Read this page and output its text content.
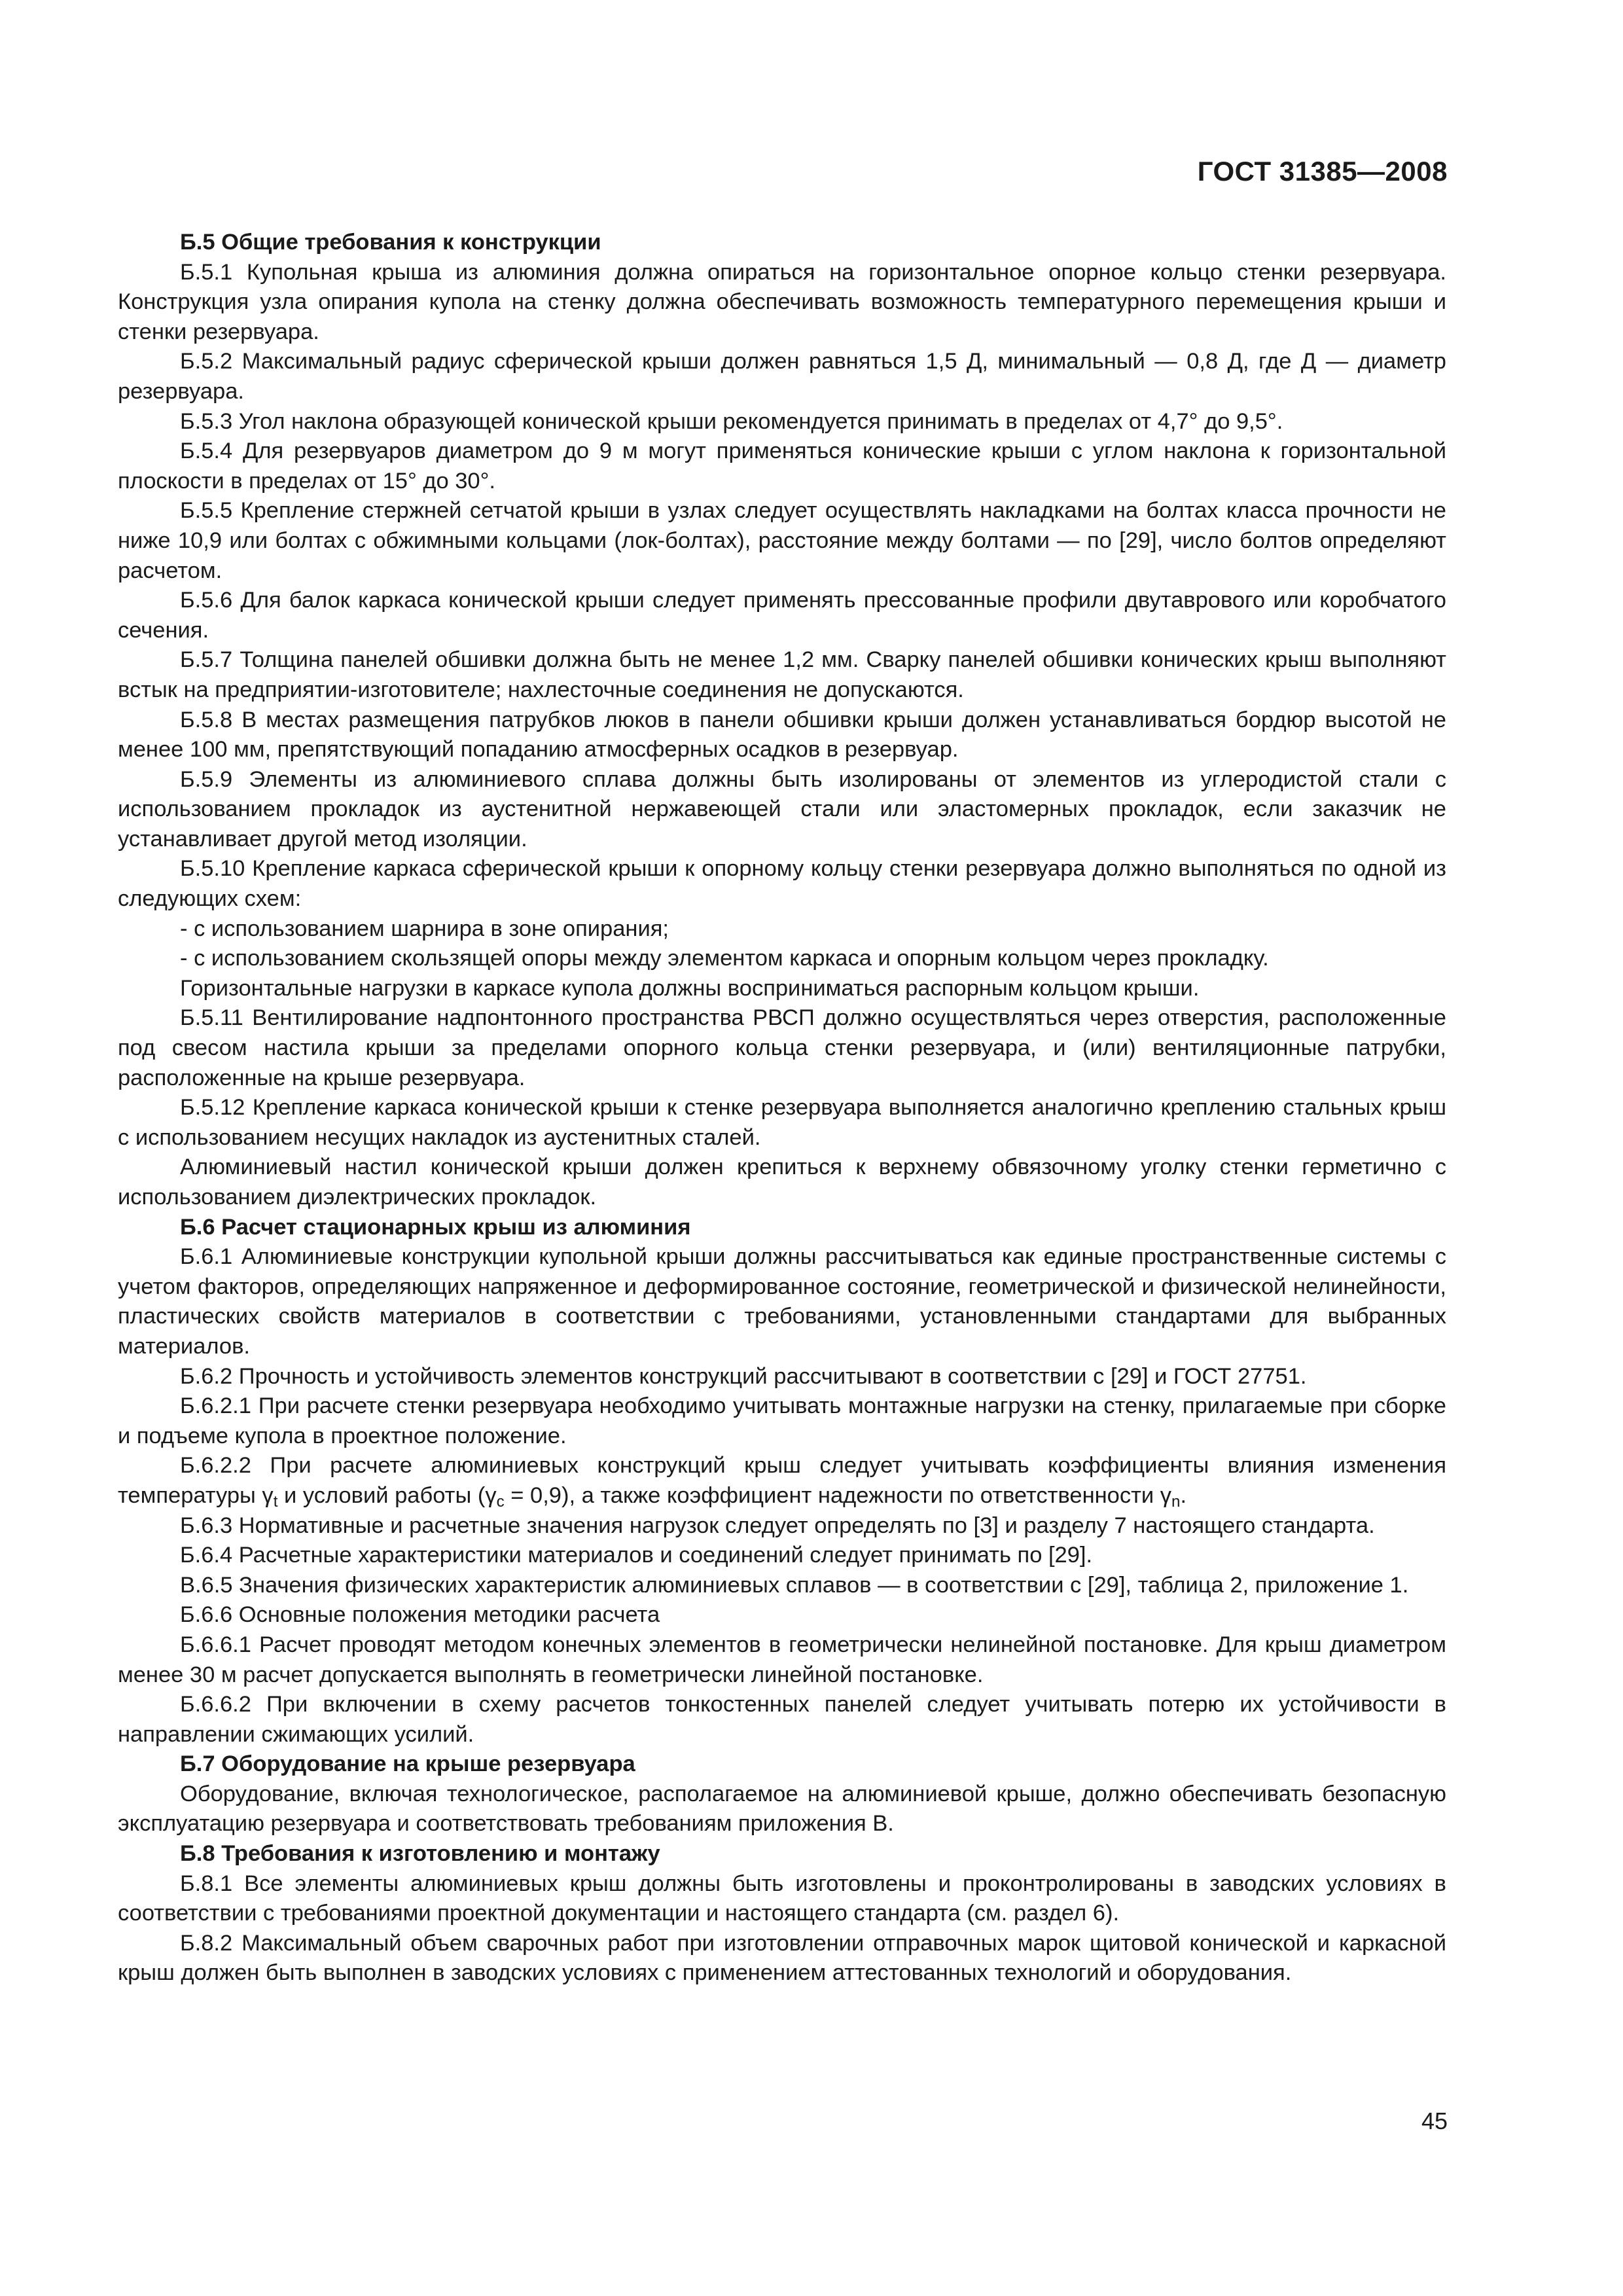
ГОСТ 31385—2008

Б.5 Общие требования к конструкции

Б.5.1 Купольная крыша из алюминия должна опираться на горизонтальное опорное кольцо стенки резервуара. Конструкция узла опирания купола на стенку должна обеспечивать возможность температурного перемещения крыши и стенки резервуара.

Б.5.2 Максимальный радиус сферической крыши должен равняться 1,5 Д, минимальный — 0,8 Д, где Д — диаметр резервуара.

Б.5.3 Угол наклона образующей конической крыши рекомендуется принимать в пределах от 4,7° до 9,5°.

Б.5.4 Для резервуаров диаметром до 9 м могут применяться конические крыши с углом наклона к горизонтальной плоскости в пределах от 15° до 30°.

Б.5.5 Крепление стержней сетчатой крыши в узлах следует осуществлять накладками на болтах класса прочности не ниже 10,9 или болтах с обжимными кольцами (лок-болтах), расстояние между болтами — по [29], число болтов определяют расчетом.

Б.5.6 Для балок каркаса конической крыши следует применять прессованные профили двутаврового или коробчатого сечения.

Б.5.7 Толщина панелей обшивки должна быть не менее 1,2 мм. Сварку панелей обшивки конических крыш выполняют встык на предприятии-изготовителе; нахлесточные соединения не допускаются.

Б.5.8 В местах размещения патрубков люков в панели обшивки крыши должен устанавливаться бордюр высотой не менее 100 мм, препятствующий попаданию атмосферных осадков в резервуар.

Б.5.9 Элементы из алюминиевого сплава должны быть изолированы от элементов из углеродистой стали с использованием прокладок из аустенитной нержавеющей стали или эластомерных прокладок, если заказчик не устанавливает другой метод изоляции.

Б.5.10 Крепление каркаса сферической крыши к опорному кольцу стенки резервуара должно выполняться по одной из следующих схем:

- с использованием шарнира в зоне опирания;

- с использованием скользящей опоры между элементом каркаса и опорным кольцом через прокладку.

Горизонтальные нагрузки в каркасе купола должны восприниматься распорным кольцом крыши.

Б.5.11 Вентилирование надпонтонного пространства РВСП должно осуществляться через отверстия, расположенные под свесом настила крыши за пределами опорного кольца стенки резервуара, и (или) вентиляционные патрубки, расположенные на крыше резервуара.

Б.5.12 Крепление каркаса конической крыши к стенке резервуара выполняется аналогично креплению стальных крыш с использованием несущих накладок из аустенитных сталей.

Алюминиевый настил конической крыши должен крепиться к верхнему обвязочному уголку стенки герметично с использованием диэлектрических прокладок.

Б.6 Расчет стационарных крыш из алюминия

Б.6.1 Алюминиевые конструкции купольной крыши должны рассчитываться как единые пространственные системы с учетом факторов, определяющих напряженное и деформированное состояние, геометрической и физической нелинейности, пластических свойств материалов в соответствии с требованиями, установленными стандартами для выбранных материалов.

Б.6.2 Прочность и устойчивость элементов конструкций рассчитывают в соответствии с [29] и ГОСТ 27751.

Б.6.2.1 При расчете стенки резервуара необходимо учитывать монтажные нагрузки на стенку, прилагаемые при сборке и подъеме купола в проектное положение.

Б.6.2.2 При расчете алюминиевых конструкций крыш следует учитывать коэффициенты влияния изменения температуры $\gamma_t$ и условий работы $(\gamma_c = 0,9)$, а также коэффициент надежности по ответственности $\gamma_n$.

Б.6.3 Нормативные и расчетные значения нагрузок следует определять по [3] и разделу 7 настоящего стандарта.

Б.6.4 Расчетные характеристики материалов и соединений следует принимать по [29].

В.6.5 Значения физических характеристик алюминиевых сплавов — в соответствии с [29], таблица 2, приложение 1.

Б.6.6 Основные положения методики расчета

Б.6.6.1 Расчет проводят методом конечных элементов в геометрически нелинейной постановке. Для крыш диаметром менее 30 м расчет допускается выполнять в геометрически линейной постановке.

Б.6.6.2 При включении в схему расчетов тонкостенных панелей следует учитывать потерю их устойчивости в направлении сжимающих усилий.

Б.7 Оборудование на крыше резервуара

Оборудование, включая технологическое, располагаемое на алюминиевой крыше, должно обеспечивать безопасную эксплуатацию резервуара и соответствовать требованиям приложения В.

Б.8 Требования к изготовлению и монтажу

Б.8.1 Все элементы алюминиевых крыш должны быть изготовлены и проконтролированы в заводских условиях в соответствии с требованиями проектной документации и настоящего стандарта (см. раздел 6).

Б.8.2 Максимальный объем сварочных работ при изготовлении отправочных марок щитовой конической и каркасной крыш должен быть выполнен в заводских условиях с применением аттестованных технологий и оборудования.

45
